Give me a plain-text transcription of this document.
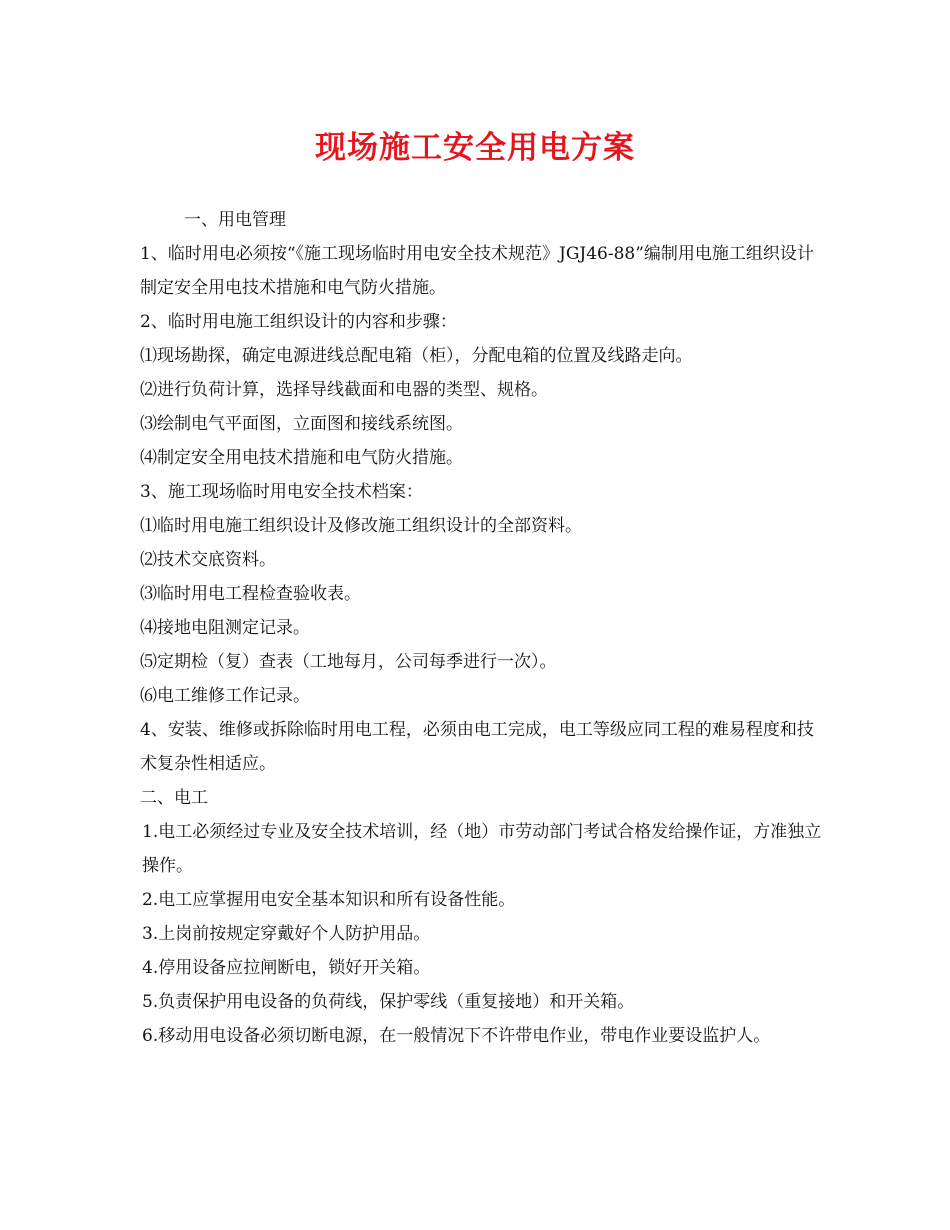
现场施工安全用电方案

一、用电管理

1、临时用电必须按“《施工现场临时用电安全技术规范》JGJ46-88”编制用电施工组织设计制定安全用电技术措施和电气防火措施。

2、临时用电施工组织设计的内容和步骤：

⑴现场勘探，确定电源进线总配电箱（柜），分配电箱的位置及线路走向。

⑵进行负荷计算，选择导线截面和电器的类型、规格。

⑶绘制电气平面图，立面图和接线系统图。

⑷制定安全用电技术措施和电气防火措施。

3、施工现场临时用电安全技术档案：

⑴临时用电施工组织设计及修改施工组织设计的全部资料。

⑵技术交底资料。

⑶临时用电工程检查验收表。

⑷接地电阻测定记录。

⑸定期检（复）查表（工地每月，公司每季进行一次）。

⑹电工维修工作记录。

4、安装、维修或拆除临时用电工程，必须由电工完成，电工等级应同工程的难易程度和技术复杂性相适应。

二、电工

1.电工必须经过专业及安全技术培训，经（地）市劳动部门考试合格发给操作证，方准独立操作。

2.电工应掌握用电安全基本知识和所有设备性能。

3.上岗前按规定穿戴好个人防护用品。

4.停用设备应拉闸断电，锁好开关箱。

5.负责保护用电设备的负荷线，保护零线（重复接地）和开关箱。

6.移动用电设备必须切断电源，在一般情况下不许带电作业，带电作业要设监护人。
